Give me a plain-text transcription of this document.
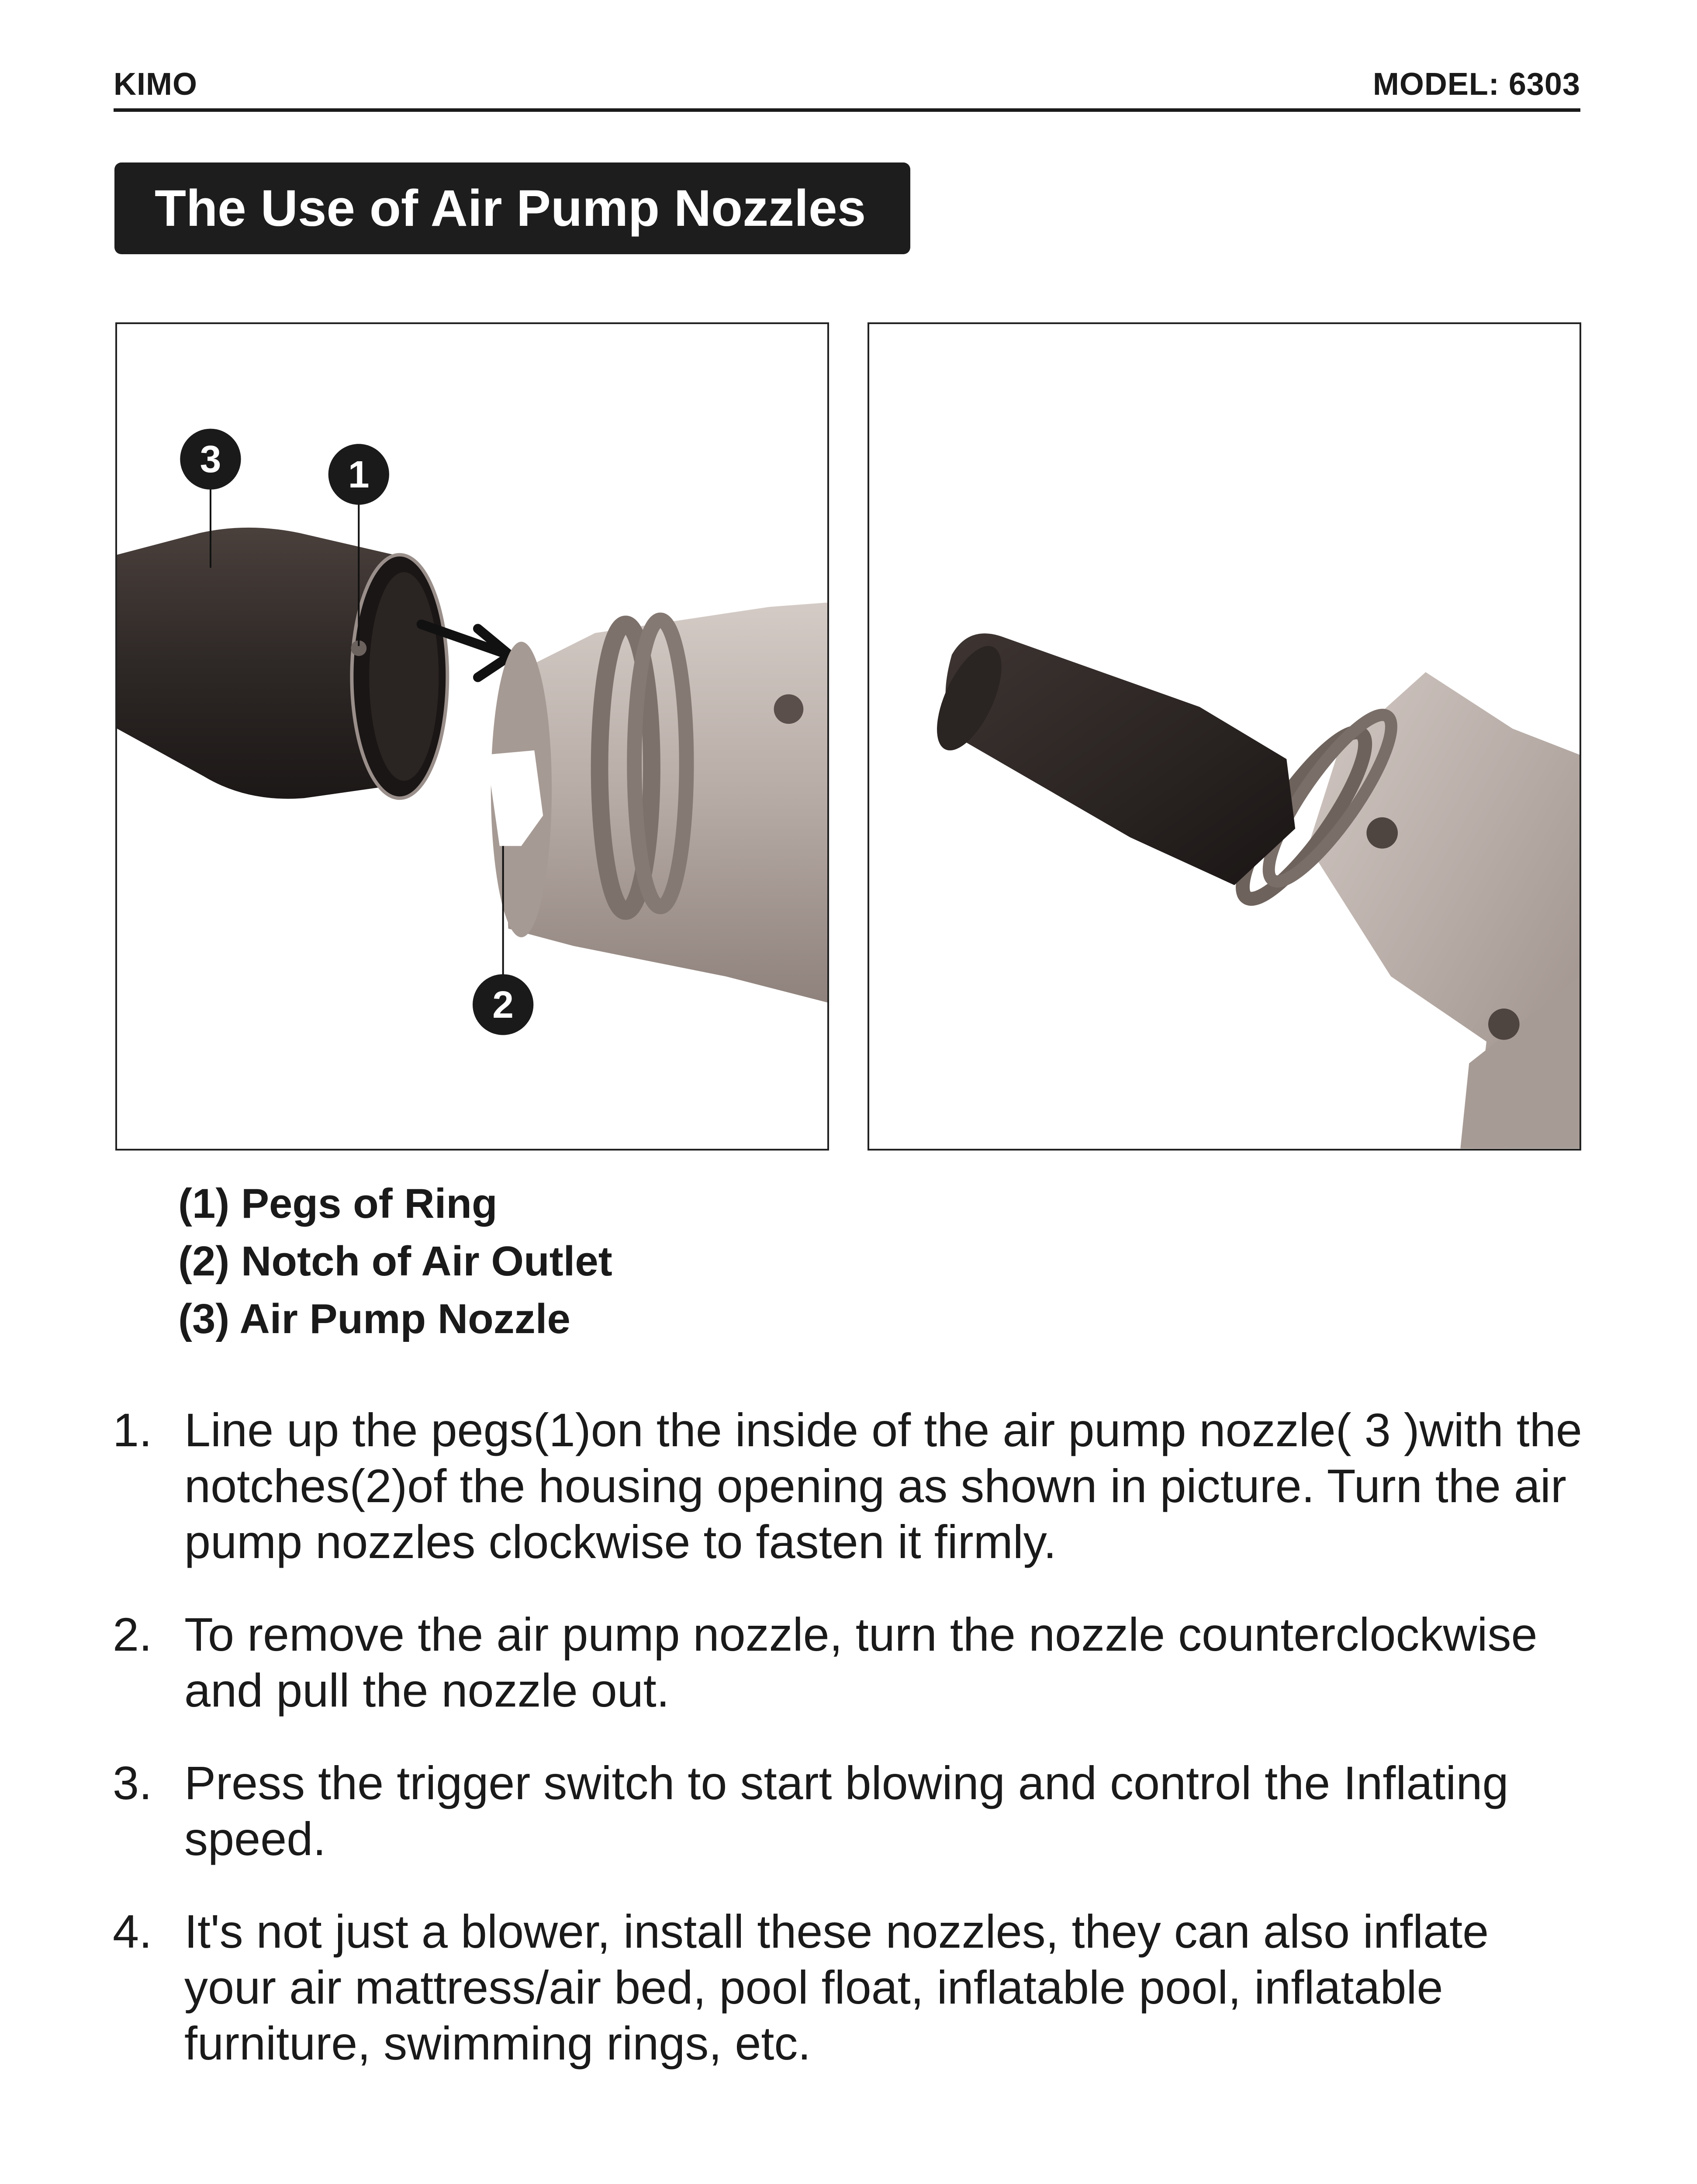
KIMO	MODEL: 6303
The Use of Air Pump Nozzles
3	1
2
(1) Pegs of Ring
(2) Notch of Air Outlet
(3) Air Pump Nozzle
1. Line up the pegs(1)on the inside of the air pump nozzle( 3 )with the notches(2)of the housing opening as shown in picture. Turn the air pump nozzles clockwise to fasten it firmly.
2. To remove the air pump nozzle, turn the nozzle counterclockwise and pull the nozzle out.
3. Press the trigger switch to start blowing and control the Inflating speed.
4. It's not just a blower, install these nozzles, they can also inflate your air mattress/air bed, pool float, inflatable pool, inflatable furniture, swimming rings, etc.
